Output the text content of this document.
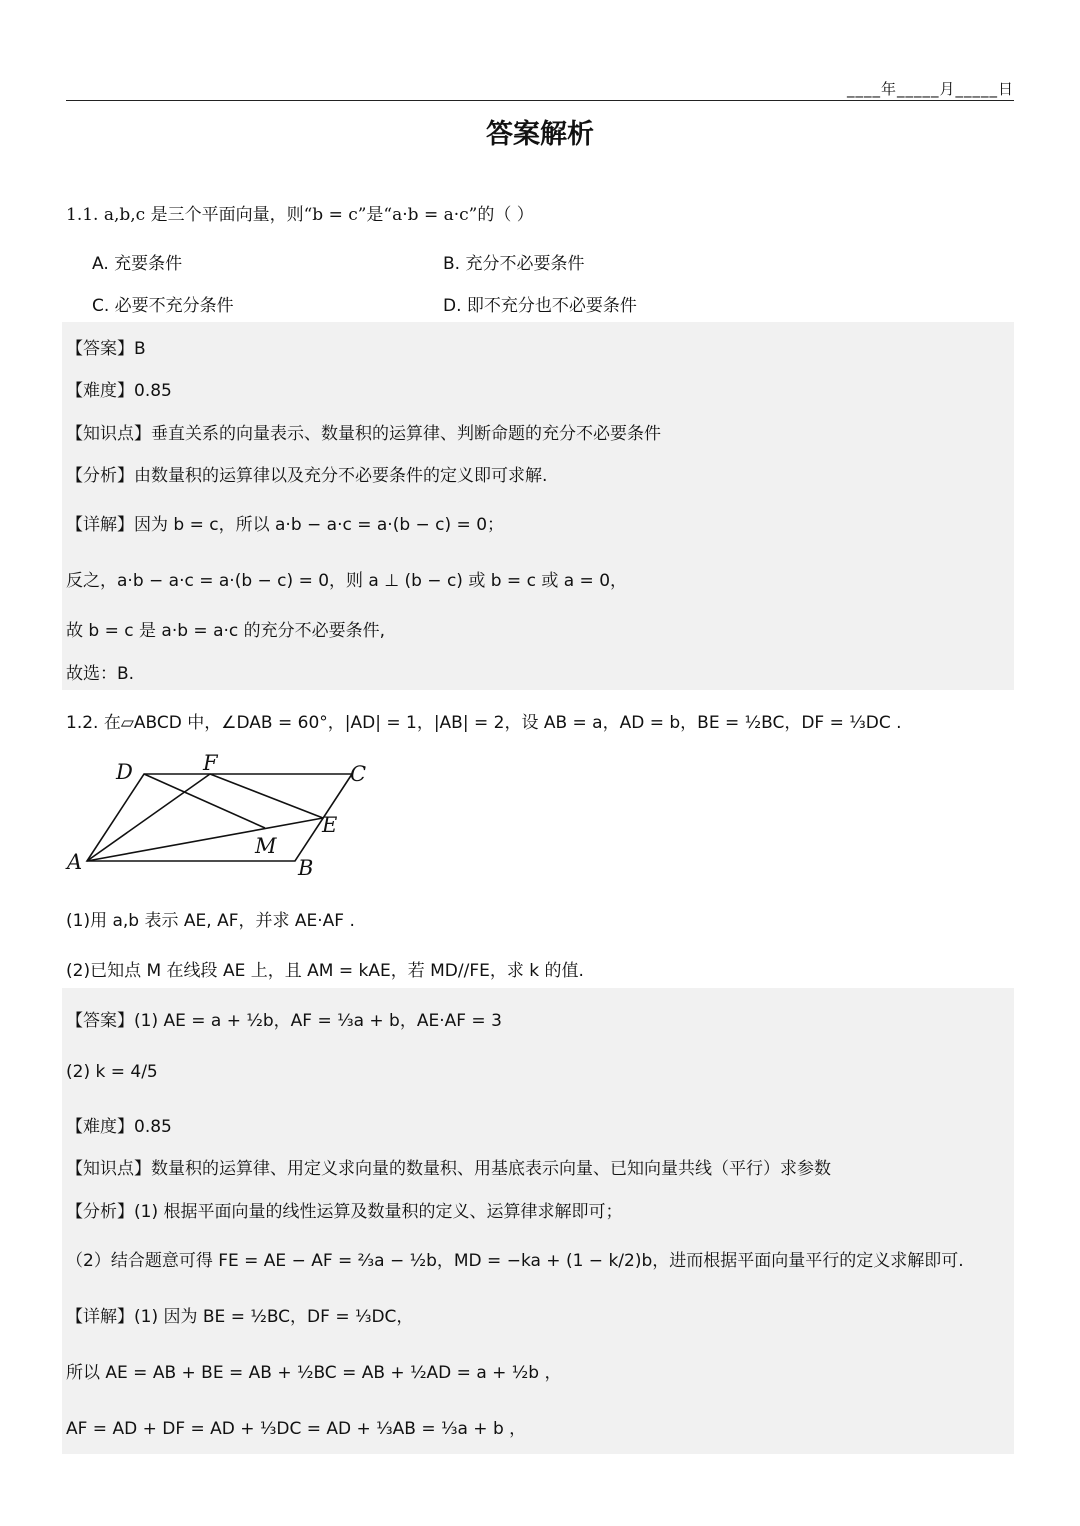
____年_____月_____日
答案解析
1.1. a,b,c 是三个平面向量，则“b = c”是“a·b = a·c”的（ ）
A. 充要条件	B. 充分不必要条件
C. 必要不充分条件	D. 即不充分也不必要条件
【答案】B
【难度】0.85
【知识点】垂直关系的向量表示、数量积的运算律、判断命题的充分不必要条件
【分析】由数量积的运算律以及充分不必要条件的定义即可求解.
【详解】因为 b = c，所以 a·b − a·c = a·(b − c) = 0；
反之，a·b − a·c = a·(b − c) = 0，则 a ⊥ (b − c) 或 b = c 或 a = 0，
故 b = c 是 a·b = a·c 的充分不必要条件,
故选：B.
1.2. 在▱ABCD 中，∠DAB = 60°，|AD| = 1，|AB| = 2，设 AB = a，AD = b，BE = ½BC，DF = ⅓DC .
A	B
C
D
E
F
M
(1)用 a,b 表示 AE, AF，并求 AE·AF .
(2)已知点 M 在线段 AE 上，且 AM = kAE，若 MD//FE，求 k 的值.
【答案】(1) AE = a + ½b，AF = ⅓a + b，AE·AF = 3
(2) k = 4/5
【难度】0.85
【知识点】数量积的运算律、用定义求向量的数量积、用基底表示向量、已知向量共线（平行）求参数
【分析】(1) 根据平面向量的线性运算及数量积的定义、运算律求解即可；
（2）结合题意可得 FE = AE − AF = ⅔a − ½b，MD = −ka + (1 − k/2)b，进而根据平面向量平行的定义求解即可.
【详解】(1) 因为 BE = ½BC，DF = ⅓DC，
所以 AE = AB + BE = AB + ½BC = AB + ½AD = a + ½b ，
AF = AD + DF = AD + ⅓DC = AD + ⅓AB = ⅓a + b ，
